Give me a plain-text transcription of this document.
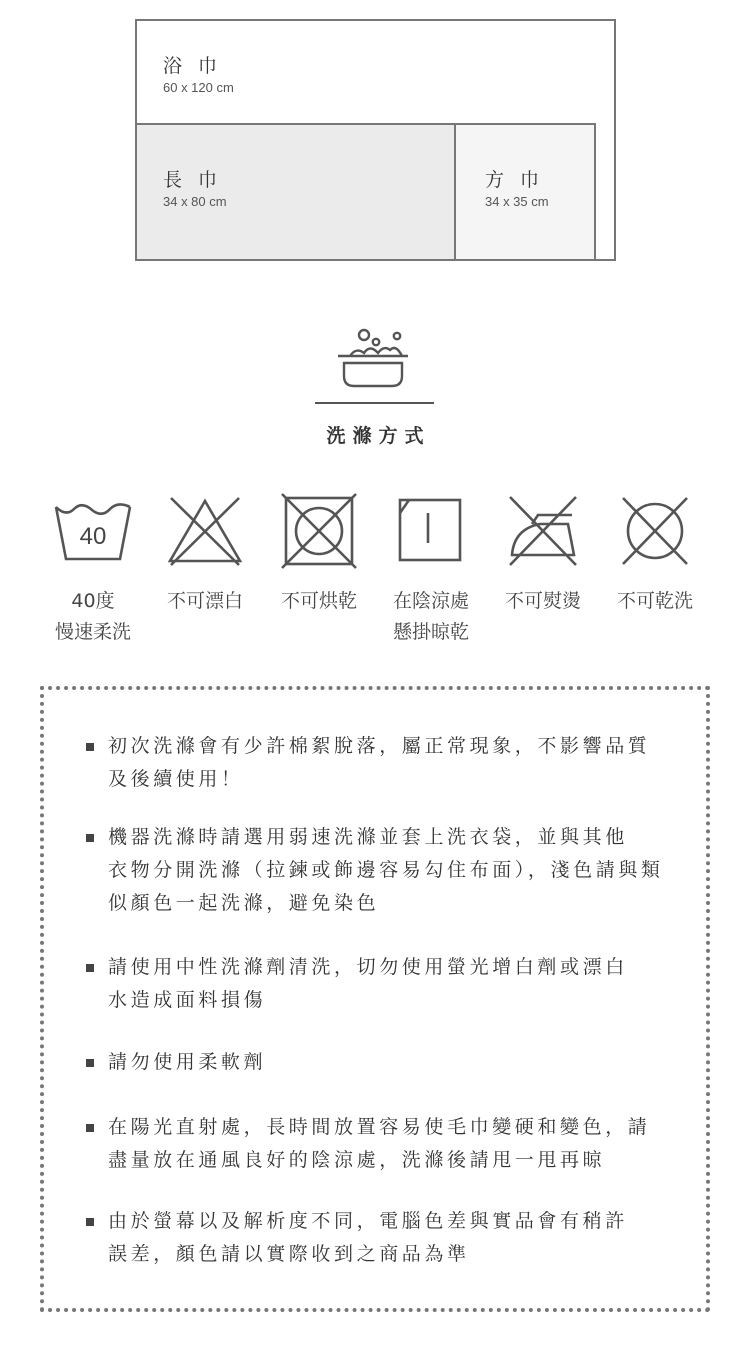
浴巾
60 x 120 cm
長巾
34 x 80 cm
方巾
34 x 35 cm
洗滌方式
40
40度
慢速柔洗
不可漂白	不可烘乾	在陰涼處
懸掛晾乾
不可熨燙	不可乾洗
初次洗滌會有少許棉絮脫落，屬正常現象，不影響品質
及後續使用！
機器洗滌時請選用弱速洗滌並套上洗衣袋，並與其他
衣物分開洗滌（拉鍊或飾邊容易勾住布面），淺色請與類
似顏色一起洗滌，避免染色
請使用中性洗滌劑清洗，切勿使用螢光增白劑或漂白
水造成面料損傷
請勿使用柔軟劑
在陽光直射處，長時間放置容易使毛巾變硬和變色，請
盡量放在通風良好的陰涼處，洗滌後請甩一甩再晾
由於螢幕以及解析度不同，電腦色差與實品會有稍許
誤差，顏色請以實際收到之商品為準
